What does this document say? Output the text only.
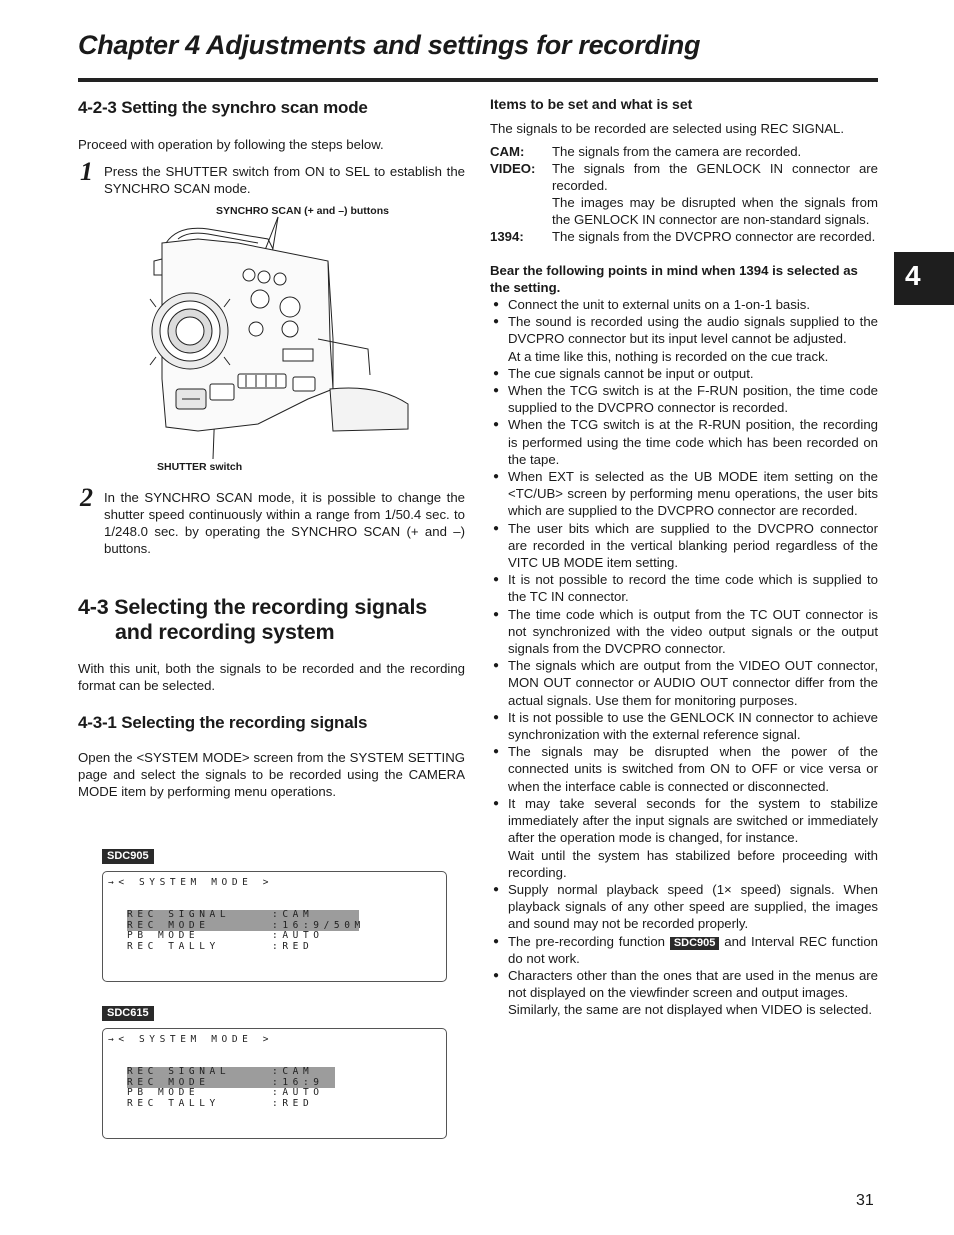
Chapter 4 Adjustments and settings for recording
4
4-2-3 Setting the synchro scan mode
Proceed with operation by following the steps below.
1 Press the SHUTTER switch from ON to SEL to establish the SYNCHRO SCAN mode.
SYNCHRO SCAN (+ and –) buttons
SHUTTER switch
2 In the SYNCHRO SCAN mode, it is possible to change the shutter speed continuously within a range from 1/50.4 sec. to 1/248.0 sec. by operating the SYNCHRO SCAN (+ and –) buttons.
4-3 Selecting the recording signals
and recording system
With this unit, both the signals to be recorded and the recording format can be selected.
4-3-1 Selecting the recording signals
Open the <SYSTEM MODE> screen from the SYSTEM SETTING page and select the signals to be recorded using the CAMERA MODE item by performing menu operations.
SDC905
→< SYSTEM MODE >
REC SIGNAL	:CAM
REC MODE	:16:9/50M
PB MODE	:AUTO
REC TALLY	:RED
SDC615
→< SYSTEM MODE >
REC SIGNAL	:CAM
REC MODE	:16:9
PB MODE	:AUTO
REC TALLY	:RED
Items to be set and what is set
The signals to be recorded are selected using REC SIGNAL.
CAM:	The signals from the camera are recorded.
VIDEO:	The signals from the GENLOCK IN connector are recorded.
The images may be disrupted when the signals from the GENLOCK IN connector are non-standard signals.
1394:	The signals from the DVCPRO connector are recorded.
Bear the following points in mind when 1394 is selected as the setting.
● Connect the unit to external units on a 1-on-1 basis.
● The sound is recorded using the audio signals supplied to the DVCPRO connector but its input level cannot be adjusted.
At a time like this, nothing is recorded on the cue track.
● The cue signals cannot be input or output.
● When the TCG switch is at the F-RUN position, the time code supplied to the DVCPRO connector is recorded.
● When the TCG switch is at the R-RUN position, the recording is performed using the time code which has been recorded on the tape.
● When EXT is selected as the UB MODE item setting on the <TC/UB> screen by performing menu operations, the user bits which are supplied to the DVCPRO connector are recorded.
● The user bits which are supplied to the DVCPRO connector are recorded in the vertical blanking period regardless of the VITC UB MODE item setting.
● It is not possible to record the time code which is supplied to the TC IN connector.
● The time code which is output from the TC OUT connector is not synchronized with the video output signals or the output signals from the DVCPRO connector.
● The signals which are output from the VIDEO OUT connector, MON OUT connector or AUDIO OUT connector differ from the actual signals. Use them for monitoring purposes.
● It is not possible to use the GENLOCK IN connector to achieve synchronization with the external reference signal.
● The signals may be disrupted when the power of the connected units is switched from ON to OFF or vice versa or when the interface cable is connected or disconnected.
● It may take several seconds for the system to stabilize immediately after the input signals are switched or immediately after the operation mode is changed, for instance.
Wait until the system has stabilized before proceeding with recording.
● Supply normal playback speed (1× speed) signals. When playback signals of any other speed are supplied, the images and sound may not be recorded properly.
● The pre-recording function SDC905 and Interval REC function do not work.
● Characters other than the ones that are used in the menus are not displayed on the viewfinder screen and output images.
Similarly, the same are not displayed when VIDEO is selected.
31
